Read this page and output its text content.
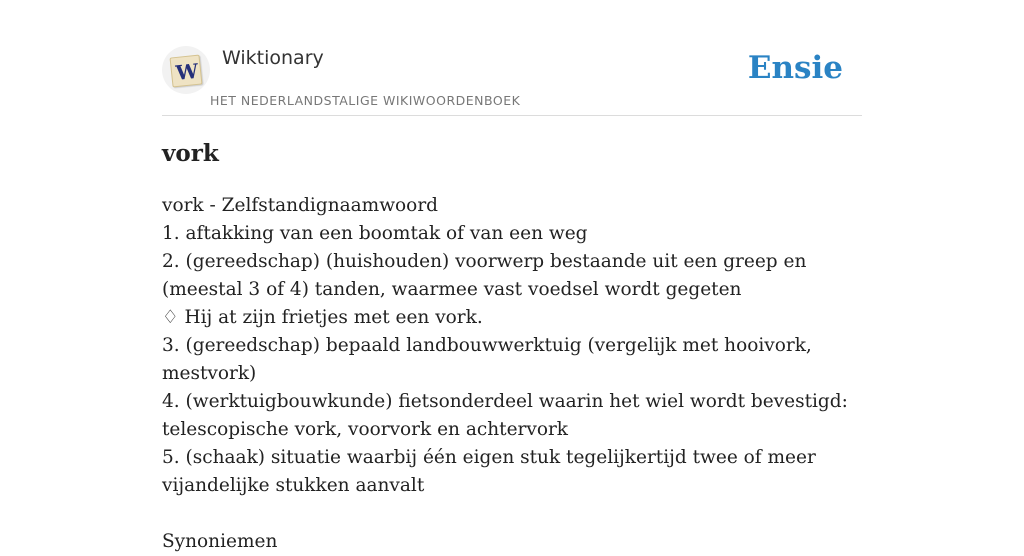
W
Wiktionary
HET NEDERLANDSTALIGE WIKIWOORDENBOEK
Ensie
vork

vork - Zelfstandignaamwoord

1. aftakking van een boomtak of van een weg

2. (gereedschap) (huishouden) voorwerp bestaande uit een greep en (meestal 3 of 4) tanden, waarmee vast voedsel wordt gegeten

♢ Hij at zijn frietjes met een vork.

3. (gereedschap) bepaald landbouwwerktuig (vergelijk met hooivork, mestvork)

4. (werktuigbouwkunde) fietsonderdeel waarin het wiel wordt bevestigd: telescopische vork, voorvork en achtervork

5. (schaak) situatie waarbij één eigen stuk tegelijkertijd twee of meer vijandelijke stukken aanvalt

Synoniemen
